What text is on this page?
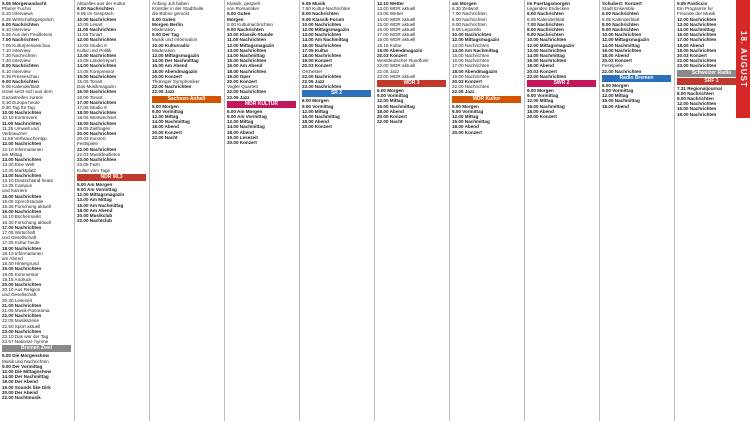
5.05 Morgenandacht
Pfarrer Fuchsi
5.10 Interviews
5.35 Wirtschaftsgespräch
6.00 Nachrichten
6.10 Interview
6.35 Aus den Feuilletons
7.00 Nachrichten
7.05 Kulturpresseschau
7.10 Interview
7.30 Nachrichten
7.40 Interview
8.00 Nachrichten
8.10 Interview
8.35 Presseschau
9.00 Nachrichten
9.05 Kalenderblatt
Israel setzt sich aus dem
Gazastreifen zurück
9.10 Europa heute
9.30 Tag für Tag
10.00 Nachrichten
10.10 Kontrovers
11.00 Nachrichten
11.35 Umwelt und
Verbraucher
11.55 Verbrauchertipp
12.00 Nachrichten
12.10 Informationen
am Mittag
13.00 Nachrichten
13.30 Eine Welt
13.35 Marktplatz
14.00 Nachrichten
14.10 Deutschland heute
14.35 Campus
und Karriere
15.00 Nachrichten
15.05 Sprechstunde
15.35 Forschung aktuell
16.00 Nachrichten
16.10 Büchermarkt
16.30 Forschung aktuell
17.00 Nachrichten
17.05 Wirtschaft
und Gesellschaft
17.35 Kultur heute
18.00 Nachrichten
18.10 Informationen
am Abend
18.40 Hintergrund
19.00 Nachrichten
19.05 Kommentar
19.15 Andruck
20.00 Nachrichten
20.10 Aus Religion
und Gesellschaft
20.30 Lesezeit
21.00 Nachrichten
21.05 Musik-Panorama
22.00 Nachrichten
22.05 Musikszene
22.50 Sport aktuell
23.00 Nachrichten
23.10 Das war der Tag
23.57 National- hymne
Bremen Zwei
5.00 Die Morgenshow
Musik und Nachrichten
9.00 Der Vormittag
12.00 Die Mittagsshow
14.00 Der Nachmittag
18.00 Der Abend
19.00 Sounds like Dirk
20.00 Der Abend
22.00 Nachtmusik
Aktuelles aus der Kultur
9.00 Nachrichten
9.05 Im Gespräch
10.00 Nachrichten
10.05 Lesart
11.00 Nachrichten
11.05 Tonart
12.00 Nachrichten
12.05 Studio 9
Kultur und Politik
13.00 Nachrichten
13.05 Länderreport
14.00 Nachrichten
14.05 Kompressor
15.00 Nachrichten
15.05 Tonart
Das Musikmagazin
16.00 Nachrichten
16.05 Tonart
17.00 Nachrichten
17.05 Studio 9
18.00 Nachrichten
18.05 Wortwechsel
19.00 Nachrichten
19.05 Zeitfragen
20.00 Nachrichten
20.03 Konzert
Festspiele
22.00 Nachrichten
22.03 Musikfeuilleton
23.00 Nachrichten
23.05 Fazit
Kultur vom Tage
NDR 90,3
5.00 Am Morgen
9.00 Am Vormittag
12.00 Mittagsmagazin
13.00 Am Mittag
15.00 Am Nachmittag
18.00 Am Abend
20.00 Musikclub
22.00 Nachtclub
Anfang Juli haben
Künstler in der Stadthalle
die Bühne gerockt
5.00 Guten
Morgen Berlin
Moderation
9.00 Der Tag
Musik und Information
10.00 Kulturradio
Moderation
12.00 Mittagsmagazin
14.00 Der Nachmittag
16.00 Am Abend
18.00 Abendmagazin
20.00 Konzert
Thüringer Symphoniker
22.00 Nachrichten
22.05 Jazz
Sachsen-Anhalt
5.00 Morgen
9.00 Vormittag
12.00 Mittag
14.00 Nachmittag
18.00 Abend
20.00 Konzert
22.00 Nacht
Klassik, gespielt
von Romantiker
5.00 Guten
Morgen
8.00 Kulturnachrichten
9.00 Nachrichten
10.00 Klassik-Stunde
11.00 Nachrichten
12.00 Mittagsmagazin
13.00 Nachrichten
14.00 Nachmittag
15.00 Nachrichten
16.00 Am Abend
18.00 Nachrichten
19.00 Oper
20.00 Konzert
Vogler Quartett
22.00 Nachrichten
22.05 Jazz
MDR KULTUR
6.00 Am Morgen
9.00 Am Vormittag
12.00 Mittag
14.00 Nachmittag
18.00 Abend
19.00 Lesezeit
20.00 Konzert
6.05 Musik
7.50 Kultur-Nachrichten
8.00 Nachrichten
9.05 Klassik-Forum
10.00 Nachrichten
12.00 Mittagsmagazin
13.00 Nachrichten
14.00 Am Nachmittag
16.00 Nachrichten
17.05 Kultur
18.00 Nachrichten
19.00 Konzert
20.03 Konzert
Orchester
22.00 Nachrichten
22.05 Jazz
23.00 Nachrichten
SR 2
6.00 Morgen
9.00 Vormittag
12.00 Mittag
15.00 Nachmittag
18.00 Abend
20.00 Konzert
12.10 Wetter
13.00 WDR aktuell
13.05 Wetter
14.00 WDR aktuell
15.00 WDR aktuell
16.00 WDR aktuell
17.00 WDR aktuell
18.00 WDR aktuell
18.15 Kultur
19.00 Abendmagazin
20.03 Konzert
Westdeutscher Rundfunk
22.00 WDR aktuell
22.05 Jazz
23.00 WDR aktuell
WDR 3
6.00 Morgen
9.00 Vormittag
12.00 Mittag
15.00 Nachmittag
18.00 Abend
20.00 Konzert
22.00 Nacht
am Morgen
6.30 Zeitwort
7.00 Nachrichten
8.00 Nachrichten
9.00 Nachrichten
9.05 Leporello
10.00 Nachrichten
12.00 Mittagsmagazin
13.00 Nachrichten
14.00 Am Nachmittag
15.00 Nachrichten
16.00 Nachrichten
17.00 Nachrichten
18.00 Abendmagazin
19.00 Nachrichten
20.03 Konzert
22.00 Nachrichten
22.05 Jazz
MDR Kultur
5.00 Morgen
9.00 Vormittag
12.00 Mittag
15.00 Nachmittag
18.00 Abend
20.00 Konzert
im Fuertagsmorgen
Legenden Endecken
6.00 Nachrichten
6.05 Kalenderblatt
7.00 Nachrichten
8.00 Nachrichten
9.00 Nachrichten
10.00 Nachrichten
12.00 Mittagsmagazin
13.00 Nachrichten
14.00 Nachmittag
16.00 Nachrichten
18.00 Abend
20.03 Konzert
22.00 Nachrichten
SWR 2
6.00 Morgen
9.00 Vormittag
12.00 Mittag
15.00 Nachmittag
18.00 Abend
20.00 Konzert
Schubert: Konzert
Stadt Ensemble
6.00 Nachrichten
6.05 Kalenderblatt
8.00 Nachrichten
9.00 Nachrichten
10.00 Nachrichten
12.00 Mittagsmagazin
14.00 Nachmittag
16.00 Nachrichten
18.00 Abend
20.03 Konzert
Festspiele
22.00 Nachrichten
Radio Bremen
6.00 Morgen
9.00 Vormittag
12.00 Mittag
15.00 Nachmittag
18.00 Abend
9.05 Pasticcio
Ein Programm fur
Freunde der Musik
12.00 Nachrichten
13.00 Nachrichten
14.00 Nachmittag
16.00 Nachrichten
17.00 Nachrichten
18.00 Abend
19.00 Nachrichten
20.03 Konzert
22.00 Nachrichten
23.00 Nachrichten
Schweizer Radio
SRF 1
7.31 Regionaljournal
8.00 Nachrichten
9.00 Nachrichten
12.00 Nachrichten
15.00 Nachrichten
18.00 Nachrichten
18. AUGUST
